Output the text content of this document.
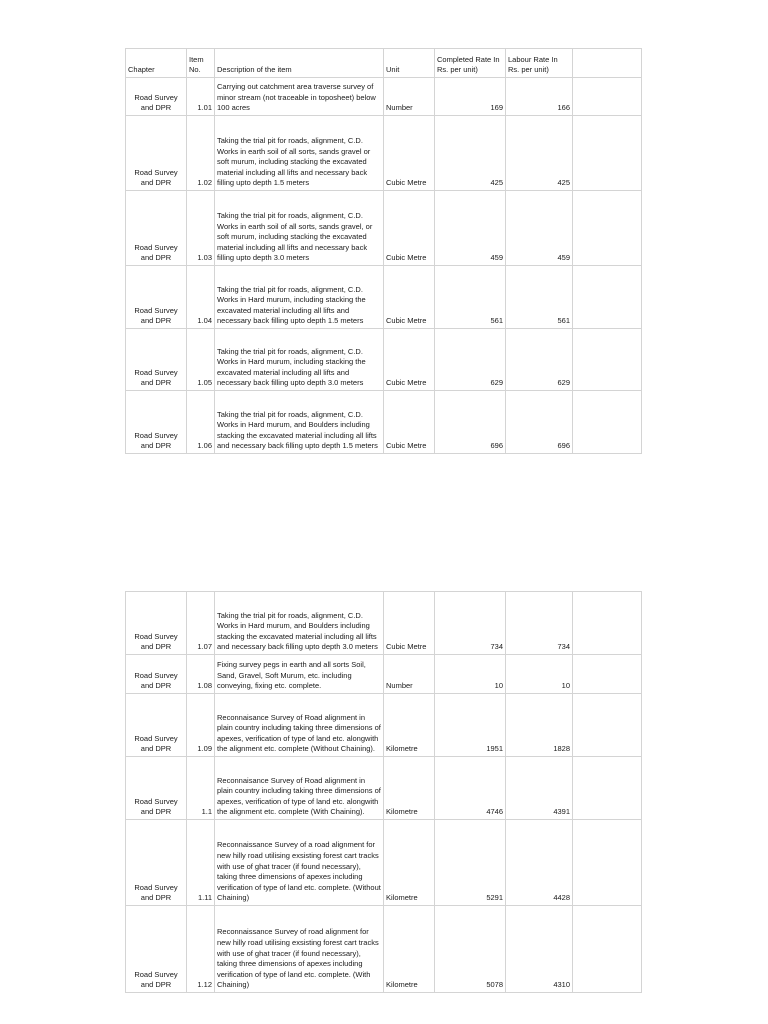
Chapter	Item No.	Description of the item	Unit	Completed Rate In Rs. per unit)	Labour Rate In Rs. per unit)	
Road Survey and DPR	1.01	Carrying out catchment area traverse survey of minor stream (not traceable in toposheet) below 100 acres	Number	169	166	
Road Survey and DPR	1.02	Taking the trial pit for roads, alignment, C.D. Works in earth soil of all sorts, sands gravel or soft murum, including stacking the excavated material including all lifts and necessary back filling upto depth 1.5 meters	Cubic Metre	425	425	
Road Survey and DPR	1.03	Taking the trial pit for roads, alignment, C.D. Works in earth soil of all sorts, sands gravel, or soft murum, including stacking the excavated material including all lifts and necessary back filling upto depth 3.0 meters	Cubic Metre	459	459	
Road Survey and DPR	1.04	Taking the trial pit for roads, alignment, C.D. Works in Hard murum, including stacking the excavated material including all lifts and necessary back filling upto depth 1.5 meters	Cubic Metre	561	561	
Road Survey and DPR	1.05	Taking the trial pit for roads, alignment, C.D. Works in Hard murum, including stacking the excavated material including all lifts and necessary back filling upto depth 3.0 meters	Cubic Metre	629	629	
Road Survey and DPR	1.06	Taking the trial pit for roads, alignment, C.D. Works in Hard murum, and Boulders including stacking the excavated material including all lifts and necessary back filling upto depth 1.5 meters	Cubic Metre	696	696	
Road Survey and DPR	1.07	Taking the trial pit for roads, alignment, C.D. Works in Hard murum, and Boulders including stacking the excavated material including all lifts and necessary back filling upto depth 3.0 meters	Cubic Metre	734	734	
Road Survey and DPR	1.08	Fixing survey pegs in earth and all sorts Soil, Sand, Gravel, Soft Murum, etc. including conveying, fixing etc. complete.	Number	10	10	
Road Survey and DPR	1.09	Reconnaisance Survey of Road alignment in plain country including taking three dimensions of apexes, verification of type of land etc. alongwith the alignment etc. complete (Without Chaining).	Kilometre	1951	1828	
Road Survey and DPR	1.1	Reconnaisance Survey of Road alignment in plain country including taking three dimensions of apexes, verification of type of land etc. alongwith the alignment etc. complete (With Chaining).	Kilometre	4746	4391	
Road Survey and DPR	1.11	Reconnaissance Survey of a road alignment for new hilly road utilising exsisting forest cart tracks with use of ghat tracer (if found necessary), taking three dimensions of apexes including verification of type of land etc. complete. (Without Chaining)	Kilometre	5291	4428	
Road Survey and DPR	1.12	Reconnaissance Survey of road alignment for new hilly road utilising exsisting forest cart tracks with use of ghat tracer (if found necessary), taking three dimensions of apexes including verification of type of land etc. complete. (With Chaining)	Kilometre	5078	4310	
